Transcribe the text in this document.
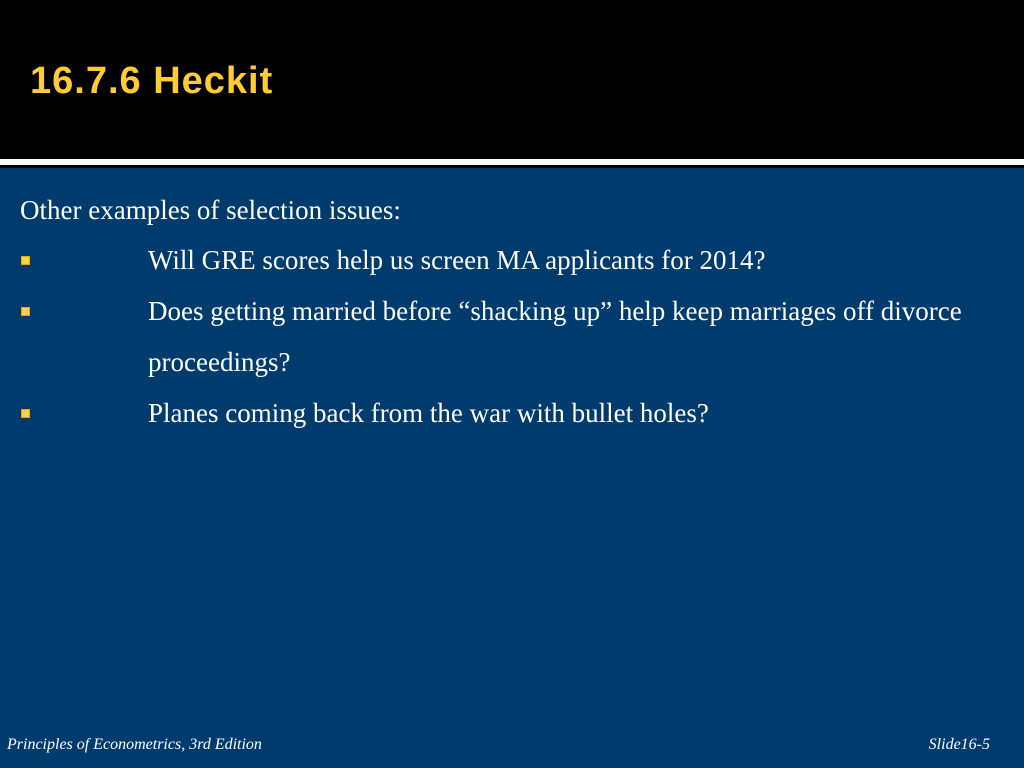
16.7.6 Heckit
Other examples of selection issues:
Will GRE scores help us screen MA applicants for 2014?
Does getting married before “shacking up” help keep marriages off divorce proceedings?
Planes coming back from the war with bullet holes?
Principles of Econometrics, 3rd Edition	Slide16-5
